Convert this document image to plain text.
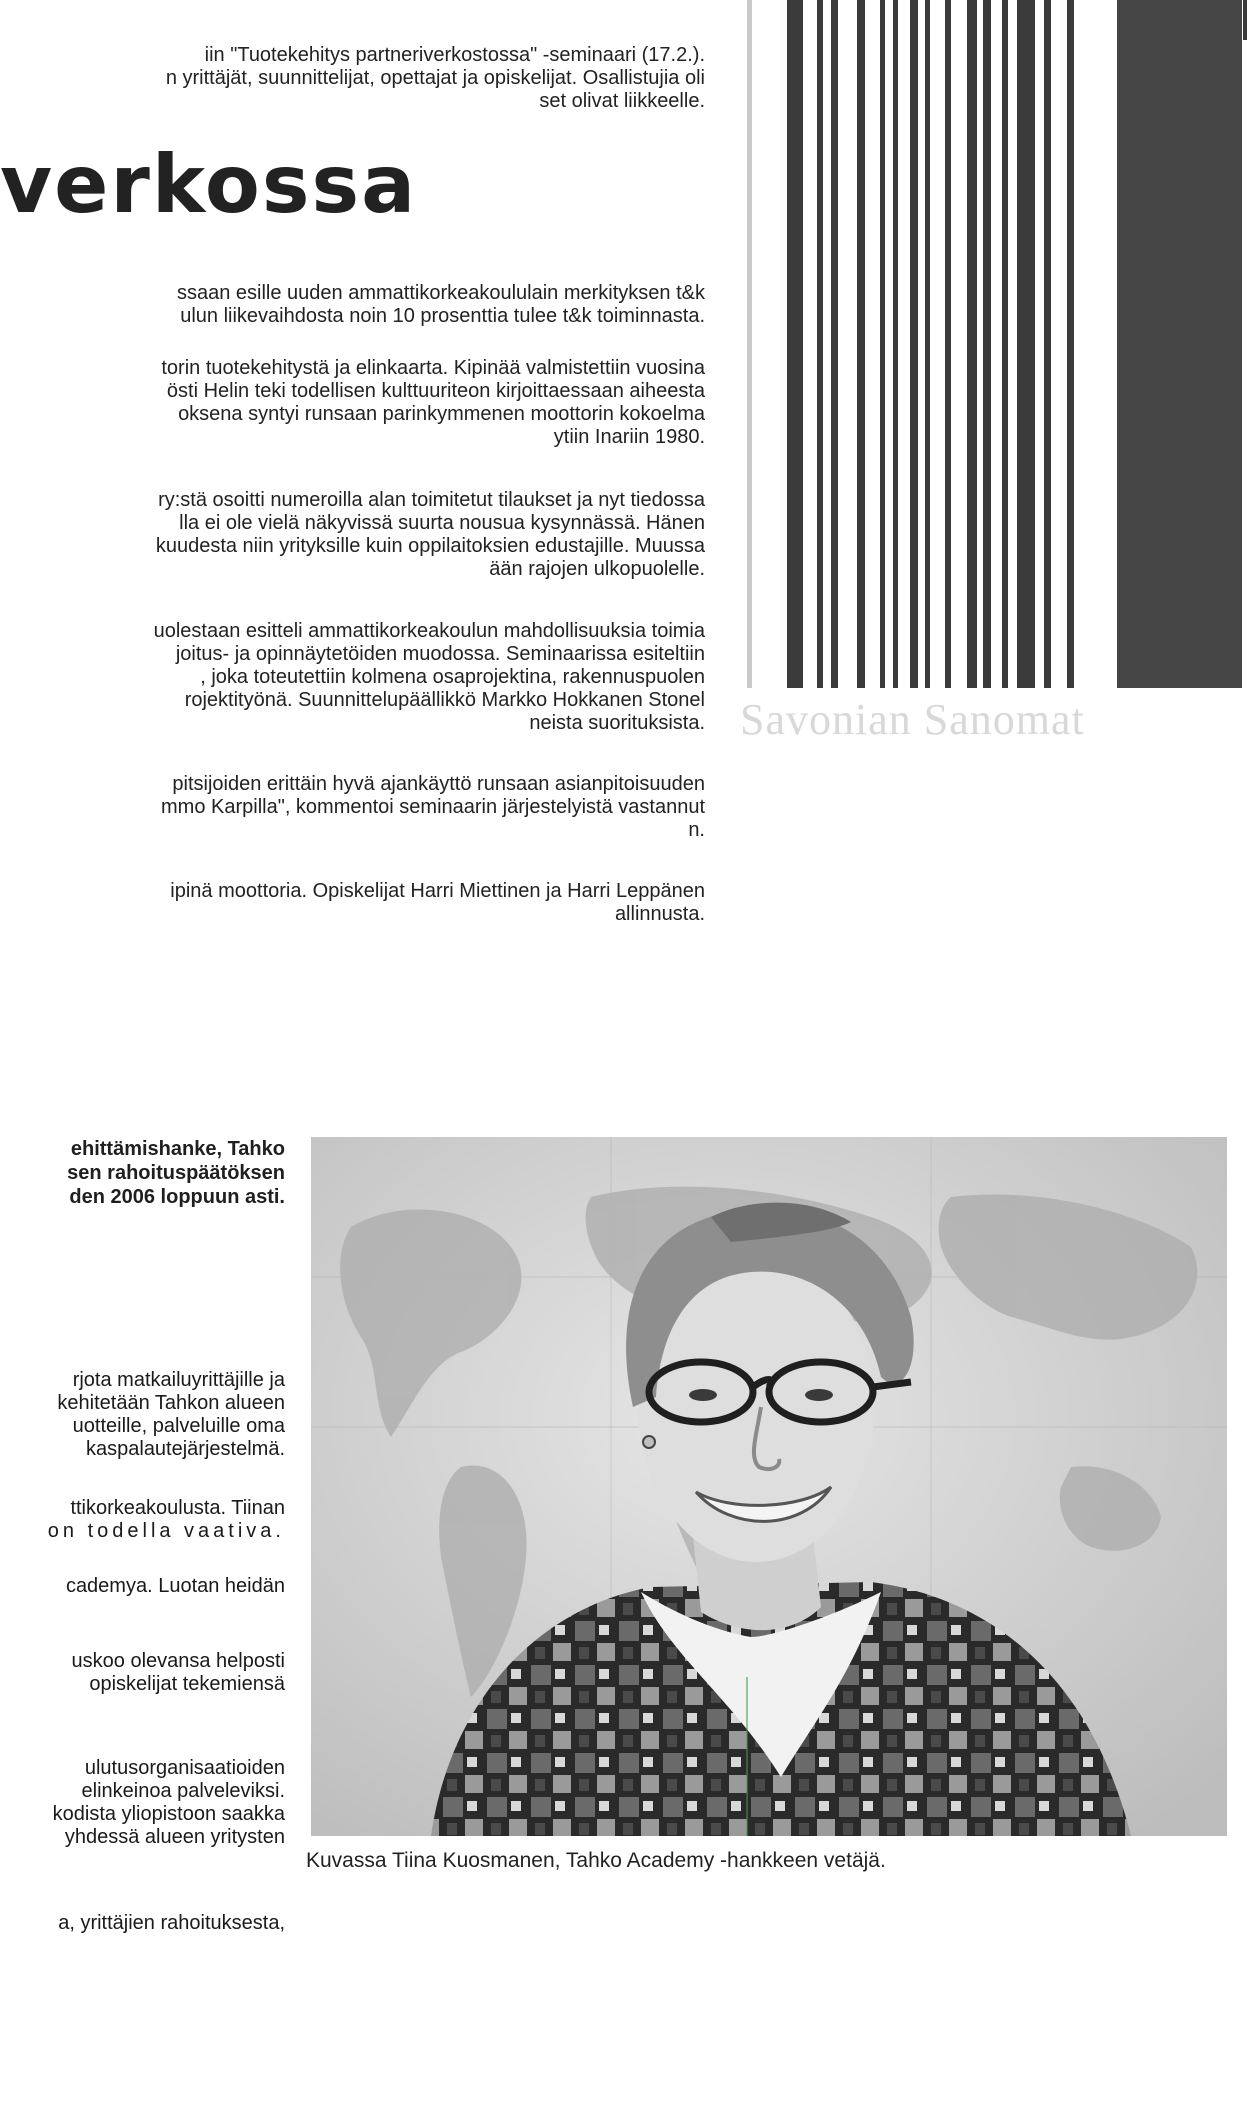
iin "Tuotekehitys partneriverkostossa" -seminaari (17.2.).
n yrittäjät, suunnittelijat, opettajat ja opiskelijat. Osallistujia oli
set olivat liikkeelle.
verkossa
ssaan esille uuden ammattikorkeakoululain merkityksen t&k
ulun liikevaihdosta noin 10 prosenttia tulee t&k toiminnasta.
torin tuotekehitystä ja elinkaarta. Kipinää valmistettiin vuosina
östi Helin teki todellisen kulttuuriteon kirjoittaessaan aiheesta
oksena syntyi runsaan parinkymmenen moottorin kokoelma
ytiin Inariin 1980.
ry:stä osoitti numeroilla alan toimitetut tilaukset ja nyt tiedossa
lla ei ole vielä näkyvissä suurta nousua kysynnässä. Hänen
kuudesta niin yrityksille kuin oppilaitoksien edustajille. Muussa
ään rajojen ulkopuolelle.
uolestaan esitteli ammattikorkeakoulun mahdollisuuksia toimia
joitus- ja opinnäytetöiden muodossa. Seminaarissa esiteltiin
, joka toteutettiin kolmena osaprojektina, rakennuspuolen
rojektityönä. Suunnittelupäällikkö Markko Hokkanen Stonel
neista suorituksista.
pitsijoiden erittäin hyvä ajankäyttö runsaan asianpitoisuuden
mmo Karpilla", kommentoi seminaarin järjestelyistä vastannut
n.
ipinä moottoria. Opiskelijat Harri Miettinen ja Harri Leppänen
allinnusta.
Savonian Sanomat
ehittämishanke, Tahko
sen rahoituspäätöksen
den 2006 loppuun asti.
rjota matkailuyrittäjille ja
kehitetään Tahkon alueen
uotteille, palveluille oma
kaspalautejärjestelmä.
ttikorkeakoulusta. Tiinan
on todella vaativa.
cademya. Luotan heidän
uskoo olevansa helposti
opiskelijat tekemiensä
ulutusorganisaatioiden
elinkeinoa palveleviksi.
kodista yliopistoon saakka
yhdessä alueen yritysten
a, yrittäjien rahoituksesta,
Kuvassa Tiina Kuosmanen, Tahko Academy -hankkeen vetäjä.
